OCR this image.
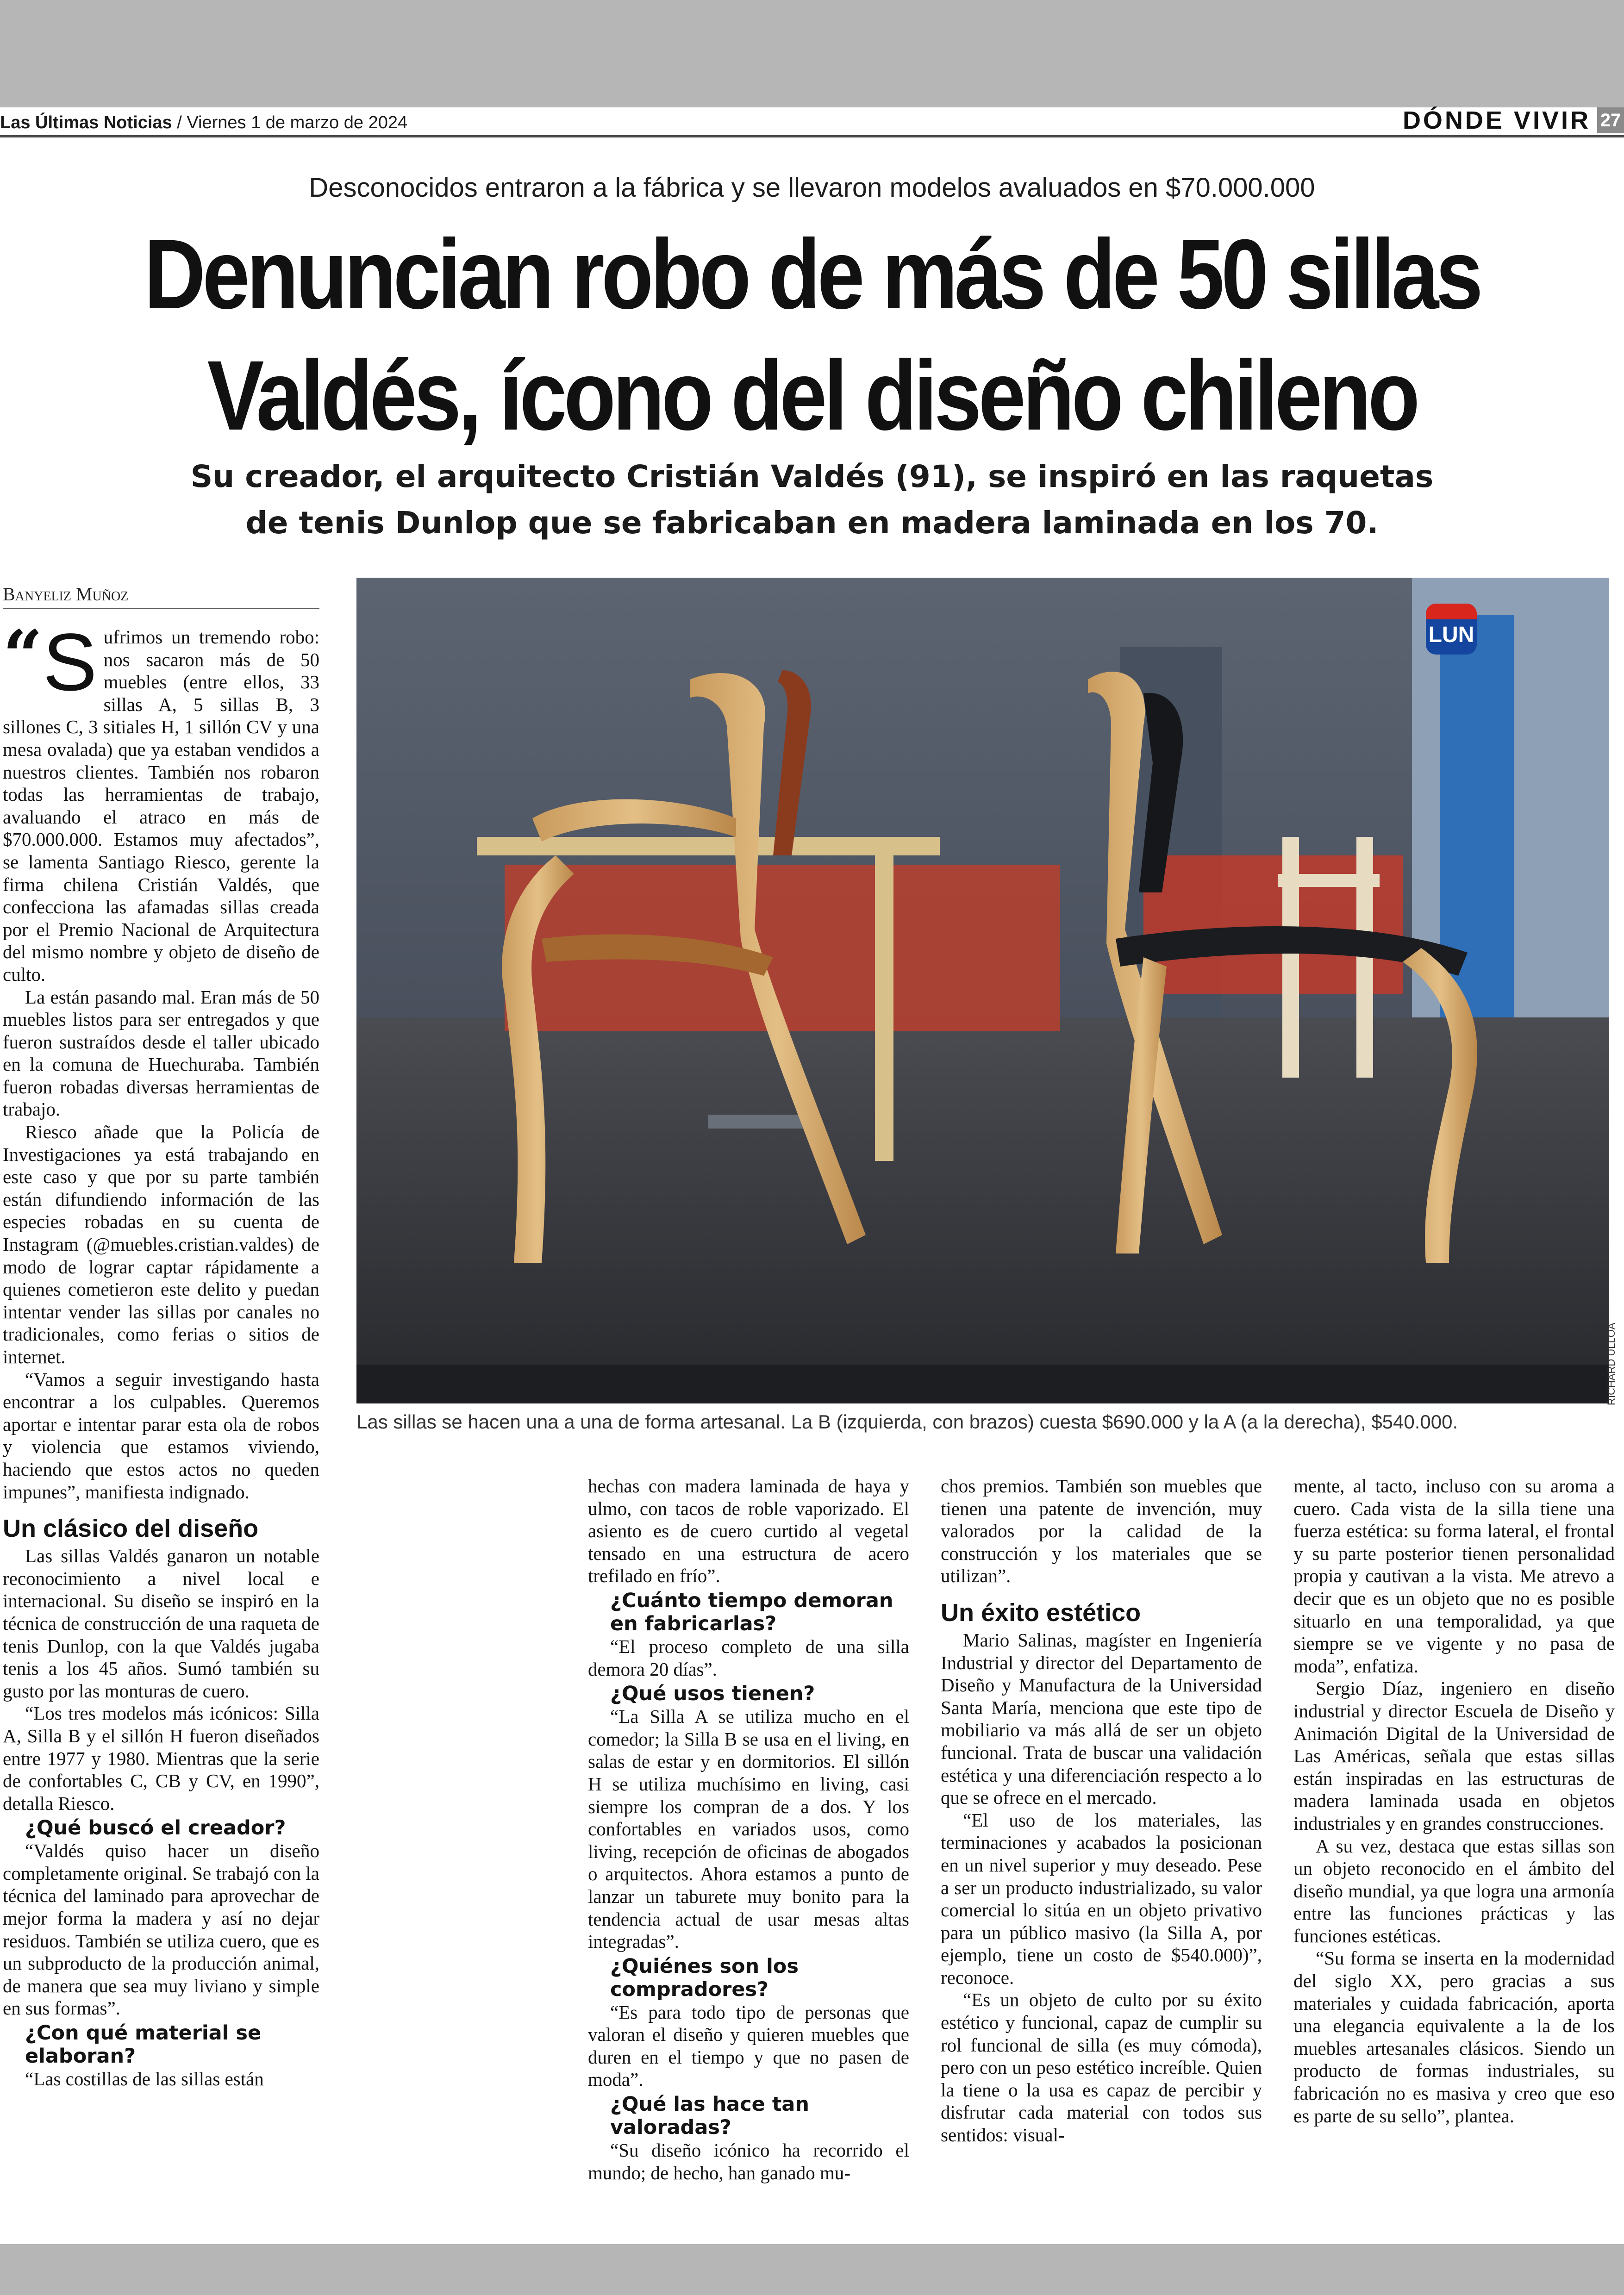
Las Últimas Noticias / Viernes 1 de marzo de 2024	DÓNDE VIVIR 27
Desconocidos entraron a la fábrica y se llevaron modelos avaluados en $70.000.000
Denuncian robo de más de 50 sillas
Valdés, ícono del diseño chileno
Su creador, el arquitecto Cristián Valdés (91), se inspiró en las raquetas
de tenis Dunlop que se fabricaban en madera laminada en los 70.
Banyeliz Muñoz
LUN
RICHARD ULLOA
Las sillas se hacen una a una de forma artesanal. La B (izquierda, con brazos) cuesta $690.000 y la A (a la derecha), $540.000.

“ S ufrimos un tremendo robo: nos sacaron más de 50 muebles (entre ellos, 33 sillas A, 5 sillas B, 3 sillones C, 3 sitiales H, 1 sillón CV y una mesa ovalada) que ya estaban vendidos a nuestros clientes. También nos robaron todas las herramientas de trabajo, avaluando el atraco en más de $70.000.000. Estamos muy afectados”, se lamenta Santiago Riesco, gerente la firma chilena Cristián Valdés, que confecciona las afamadas sillas creada por el Premio Nacional de Arquitectura del mismo nombre y objeto de diseño de culto.

La están pasando mal. Eran más de 50 muebles listos para ser entregados y que fueron sustraídos desde el taller ubicado en la comuna de Huechuraba. También fueron robadas diversas herramientas de trabajo.

Riesco añade que la Policía de Investigaciones ya está trabajando en este caso y que por su parte también están difundiendo información de las especies robadas en su cuenta de Instagram (@muebles.cristian.valdes) de modo de lograr captar rápidamente a quienes cometieron este delito y puedan intentar vender las sillas por canales no tradicionales, como ferias o sitios de internet.

“Vamos a seguir investigando hasta encontrar a los culpables. Queremos aportar e intentar parar esta ola de robos y violencia que estamos viviendo, haciendo que estos actos no queden impunes”, manifiesta indignado.

Un clásico del diseño

Las sillas Valdés ganaron un notable reconocimiento a nivel local e internacional. Su diseño se inspiró en la técnica de construcción de una raqueta de tenis Dunlop, con la que Valdés jugaba tenis a los 45 años. Sumó también su gusto por las monturas de cuero.

“Los tres modelos más icónicos: Silla A, Silla B y el sillón H fueron diseñados entre 1977 y 1980. Mientras que la serie de confortables C, CB y CV, en 1990”, detalla Riesco.

¿Qué buscó el creador?

“Valdés quiso hacer un diseño completamente original. Se trabajó con la técnica del laminado para aprovechar de mejor forma la madera y así no dejar residuos. También se utiliza cuero, que es un subproducto de la producción animal, de manera que sea muy liviano y simple en sus formas”.

¿Con qué material se elaboran?

“Las costillas de las sillas están

hechas con madera laminada de haya y ulmo, con tacos de roble vaporizado. El asiento es de cuero curtido al vegetal tensado en una estructura de acero trefilado en frío”.

¿Cuánto tiempo demoran en fabricarlas?

“El proceso completo de una silla demora 20 días”.

¿Qué usos tienen?

“La Silla A se utiliza mucho en el comedor; la Silla B se usa en el living, en salas de estar y en dormitorios. El sillón H se utiliza muchísimo en living, casi siempre los compran de a dos. Y los confortables en variados usos, como living, recepción de oficinas de abogados o arquitectos. Ahora estamos a punto de lanzar un taburete muy bonito para la tendencia actual de usar mesas altas integradas”.

¿Quiénes son los compradores?

“Es para todo tipo de personas que valoran el diseño y quieren muebles que duren en el tiempo y que no pasen de moda”.

¿Qué las hace tan valoradas?

“Su diseño icónico ha recorrido el mundo; de hecho, han ganado mu-

chos premios. También son muebles que tienen una patente de invención, muy valorados por la calidad de la construcción y los materiales que se utilizan”.

Un éxito estético

Mario Salinas, magíster en Ingeniería Industrial y director del Departamento de Diseño y Manufactura de la Universidad Santa María, menciona que este tipo de mobiliario va más allá de ser un objeto funcional. Trata de buscar una validación estética y una diferenciación respecto a lo que se ofrece en el mercado.

“El uso de los materiales, las terminaciones y acabados la posicionan en un nivel superior y muy deseado. Pese a ser un producto industrializado, su valor comercial lo sitúa en un objeto privativo para un público masivo (la Silla A, por ejemplo, tiene un costo de $540.000)”, reconoce.

“Es un objeto de culto por su éxito estético y funcional, capaz de cumplir su rol funcional de silla (es muy cómoda), pero con un peso estético increíble. Quien la tiene o la usa es capaz de percibir y disfrutar cada material con todos sus sentidos: visual-

mente, al tacto, incluso con su aroma a cuero. Cada vista de la silla tiene una fuerza estética: su forma lateral, el frontal y su parte posterior tienen personalidad propia y cautivan a la vista. Me atrevo a decir que es un objeto que no es posible situarlo en una temporalidad, ya que siempre se ve vigente y no pasa de moda”, enfatiza.

Sergio Díaz, ingeniero en diseño industrial y director Escuela de Diseño y Animación Digital de la Universidad de Las Américas, señala que estas sillas están inspiradas en las estructuras de madera laminada usada en objetos industriales y en grandes construcciones.

A su vez, destaca que estas sillas son un objeto reconocido en el ámbito del diseño mundial, ya que logra una armonía entre las funciones prácticas y las funciones estéticas.

“Su forma se inserta en la modernidad del siglo XX, pero gracias a sus materiales y cuidada fabricación, aporta una elegancia equivalente a la de los muebles artesanales clásicos. Siendo un producto de formas industriales, su fabricación no es masiva y creo que eso es parte de su sello”, plantea.
